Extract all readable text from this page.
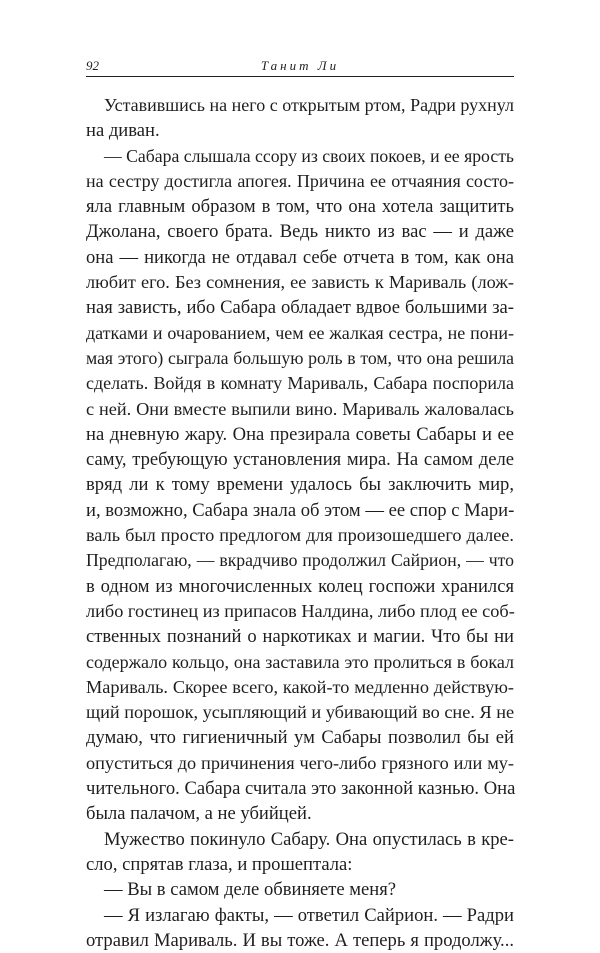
92	Танит Ли
Уставившись на него с открытым ртом, Радри рухнул
на диван.
— Сабара слышала ссору из своих покоев, и ее ярость
на сестру достигла апогея. Причина ее отчаяния состо-
яла главным образом в том, что она хотела защитить
Джолана, своего брата. Ведь никто из вас — и даже
она — никогда не отдавал себе отчета в том, как она
любит его. Без сомнения, ее зависть к Мариваль (лож-
ная зависть, ибо Сабара обладает вдвое большими за-
датками и очарованием, чем ее жалкая сестра, не пони-
мая этого) сыграла большую роль в том, что она решила
сделать. Войдя в комнату Мариваль, Сабара поспорила
с ней. Они вместе выпили вино. Мариваль жаловалась
на дневную жару. Она презирала советы Сабары и ее
саму, требующую установления мира. На самом деле
вряд ли к тому времени удалось бы заключить мир,
и, возможно, Сабара знала об этом — ее спор с Мари-
валь был просто предлогом для произошедшего далее.
Предполагаю, — вкрадчиво продолжил Сайрион, — что
в одном из многочисленных колец госпожи хранился
либо гостинец из припасов Налдина, либо плод ее соб-
ственных познаний о наркотиках и магии. Что бы ни
содержало кольцо, она заставила это пролиться в бокал
Мариваль. Скорее всего, какой-то медленно действую-
щий порошок, усыпляющий и убивающий во сне. Я не
думаю, что гигиеничный ум Сабары позволил бы ей
опуститься до причинения чего-либо грязного или му-
чительного. Сабара считала это законной казнью. Она
была палачом, а не убийцей.
Мужество покинуло Сабару. Она опустилась в кре-
сло, спрятав глаза, и прошептала:
— Вы в самом деле обвиняете меня?
— Я излагаю факты, — ответил Сайрион. — Радри
отравил Мариваль. И вы тоже. А теперь я продолжу...
